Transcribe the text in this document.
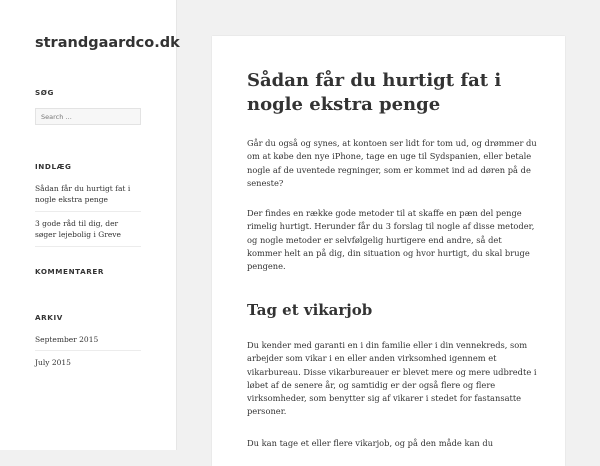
strandgaardco.dk
SØG
Search …
INDLÆG
Sådan får du hurtigt fat i nogle ekstra penge
3 gode råd til dig, der søger lejebolig i Greve
KOMMENTARER
ARKIV
September 2015
July 2015
Sådan får du hurtigt fat i nogle ekstra penge

Går du også og synes, at kontoen ser lidt for tom ud, og drømmer du om at købe den nye iPhone, tage en uge til Sydspanien, eller betale nogle af de uventede regninger, som er kommet ind ad døren på de seneste?

Der findes en række gode metoder til at skaffe en pæn del penge rimelig hurtigt. Herunder får du 3 forslag til nogle af disse metoder, og nogle metoder er selvfølgelig hurtigere end andre, så det kommer helt an på dig, din situation og hvor hurtigt, du skal bruge pengene.

Tag et vikarjob

Du kender med garanti en i din familie eller i din vennekreds, som arbejder som vikar i en eller anden virksomhed igennem et vikarbureau. Disse vikarbureauer er blevet mere og mere udbredte i løbet af de senere år, og samtidig er der også flere og flere virksomheder, som benytter sig af vikarer i stedet for fastansatte personer.

Du kan tage et eller flere vikarjob, og på den måde kan du
